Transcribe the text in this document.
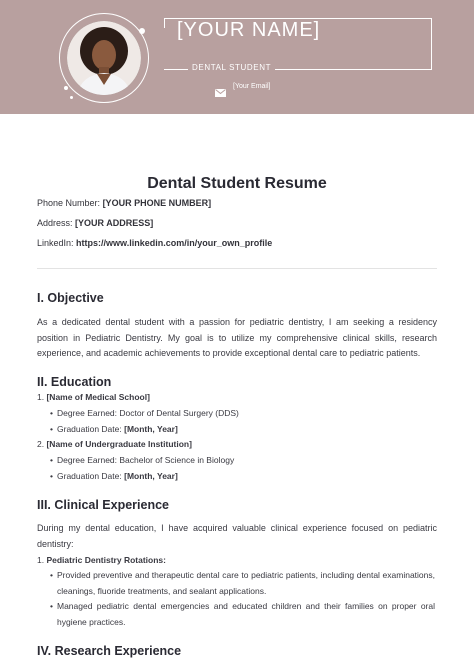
[YOUR NAME]
DENTAL STUDENT
[Your Email]
Dental Student Resume
Phone Number: [YOUR PHONE NUMBER]
Address: [YOUR ADDRESS]
LinkedIn: https://www.linkedin.com/in/your_own_profile
I. Objective
As a dedicated dental student with a passion for pediatric dentistry, I am seeking a residency position in Pediatric Dentistry. My goal is to utilize my comprehensive clinical skills, research experience, and academic achievements to provide exceptional dental care to pediatric patients.
II. Education
1. [Name of Medical School]
• Degree Earned: Doctor of Dental Surgery (DDS)
• Graduation Date: [Month, Year]
2. [Name of Undergraduate Institution]
• Degree Earned: Bachelor of Science in Biology
• Graduation Date: [Month, Year]
III. Clinical Experience
During my dental education, I have acquired valuable clinical experience focused on pediatric dentistry:
1. Pediatric Dentistry Rotations:
• Provided preventive and therapeutic dental care to pediatric patients, including dental examinations, cleanings, fluoride treatments, and sealant applications.
• Managed pediatric dental emergencies and educated children and their families on proper oral hygiene practices.
IV. Research Experience
